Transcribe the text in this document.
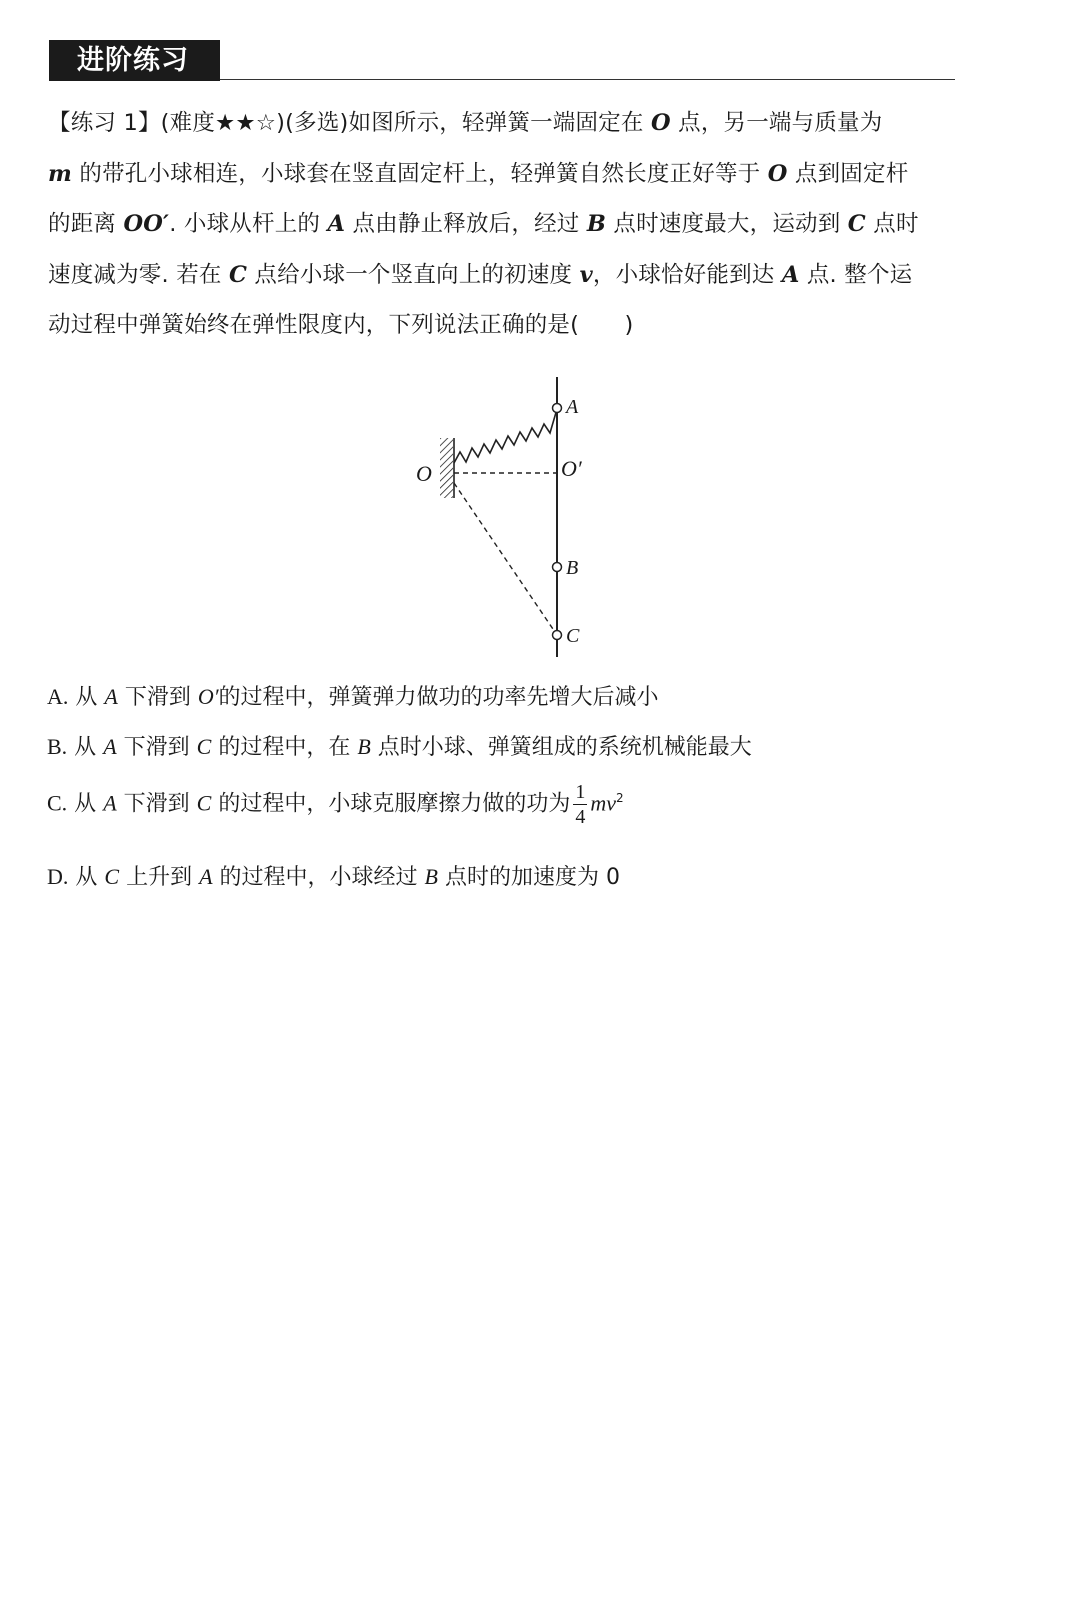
进阶练习

【练习 1】(难度★★☆)(多选)如图所示，轻弹簧一端固定在 O 点，另一端与质量为

m 的带孔小球相连，小球套在竖直固定杆上，轻弹簧自然长度正好等于 O 点到固定杆

的距离 OO′. 小球从杆上的 A 点由静止释放后，经过 B 点时速度最大，运动到 C 点时

速度减为零. 若在 C 点给小球一个竖直向上的初速度 v，小球恰好能到达 A 点. 整个运

动过程中弹簧始终在弹性限度内，下列说法正确的是(　　)

O	O′
A
B
C
A. 从 A 下滑到 O′的过程中，弹簧弹力做功的功率先增大后减小
B. 从 A 下滑到 C 的过程中，在 B 点时小球、弹簧组成的系统机械能最大
C. 从 A 下滑到 C 的过程中，小球克服摩擦力做的功为 $\frac{1}{4} mv^2$
D. 从 C 上升到 A 的过程中，小球经过 B 点时的加速度为 0
